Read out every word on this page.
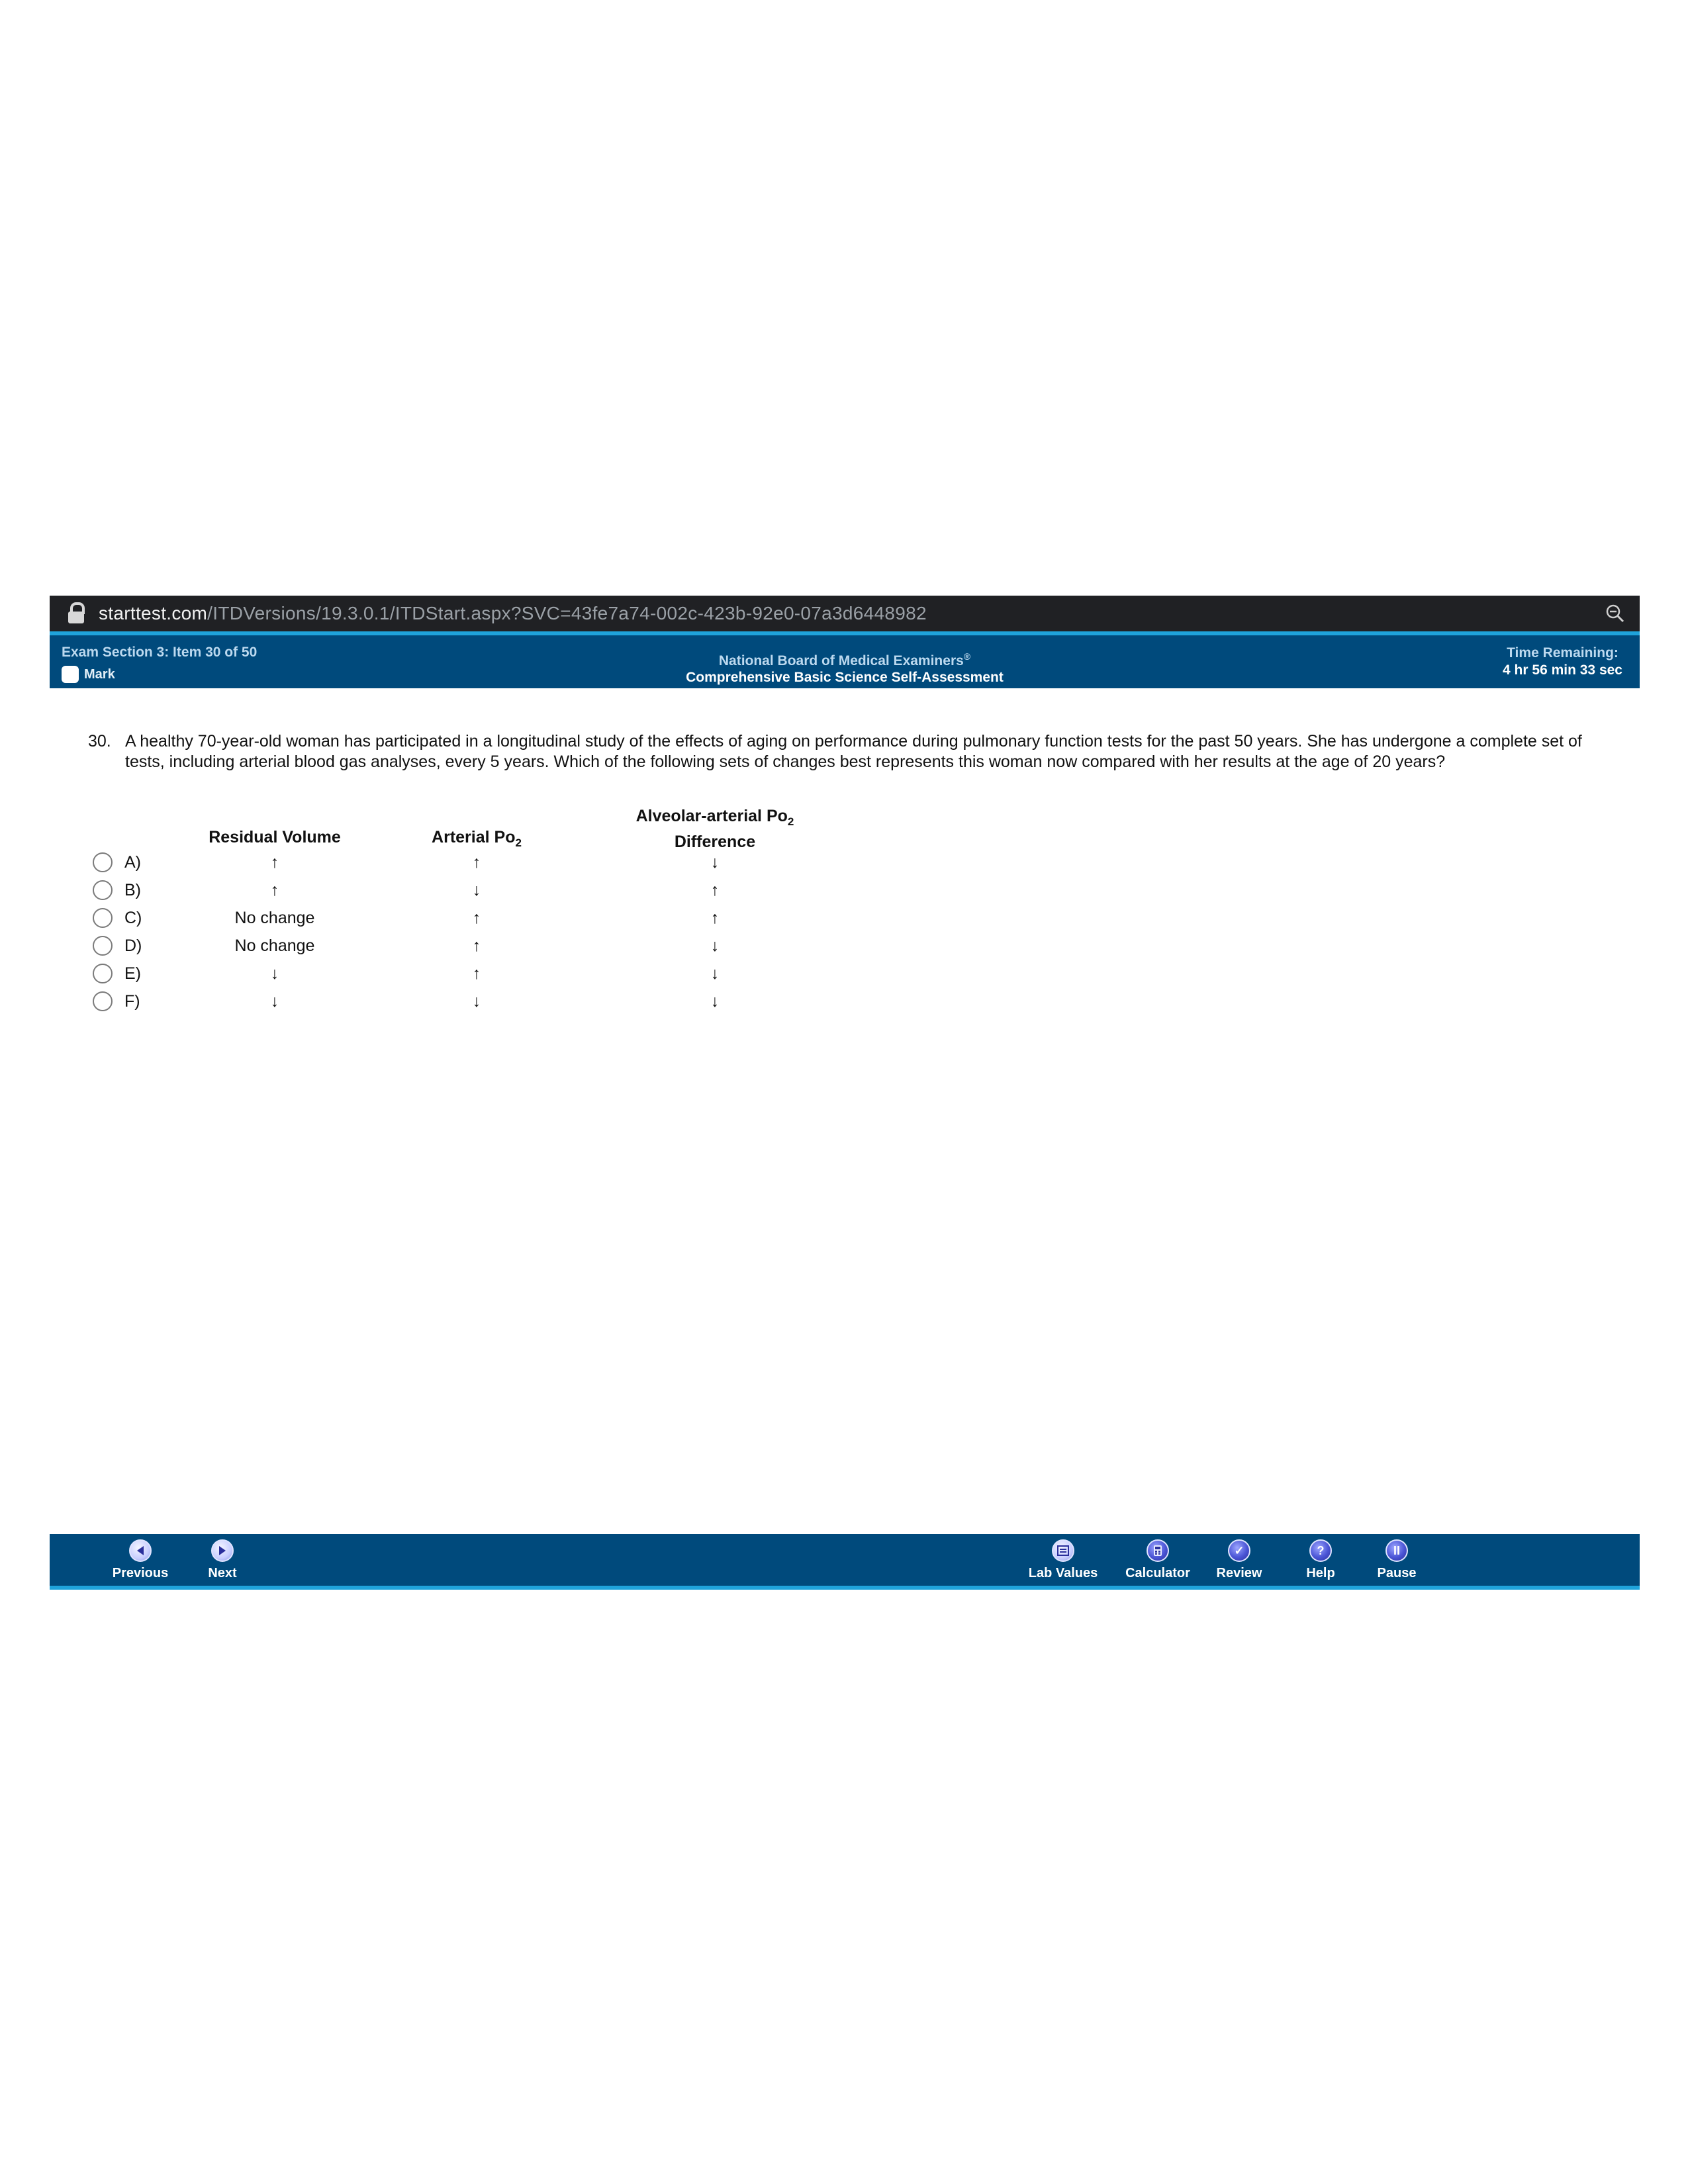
starttest.com/ITDVersions/19.3.0.1/ITDStart.aspx?SVC=43fe7a74-002c-423b-92e0-07a3d6448982
Exam Section 3: Item 30 of 50
Mark
National Board of Medical Examiners®
Comprehensive Basic Science Self-Assessment
Time Remaining:
4 hr 56 min 33 sec
30. A healthy 70-year-old woman has participated in a longitudinal study of the effects of aging on performance during pulmonary function tests for the past 50 years. She has undergone a complete set of tests, including arterial blood gas analyses, every 5 years. Which of the following sets of changes best represents this woman now compared with her results at the age of 20 years?
Residual Volume	Arterial $Po_2$
Alveolar-arterial $Po_2$
Difference
A)	↑	↑	↓
B)	↑	↓	↑
C)	No change	↑	↑
D)	No change	↑	↓
E)	↓	↑	↓
F)	↓	↓	↓
Previous	Next	Lab Values	Calculator
✓
Review
?
Help
II
Pause
